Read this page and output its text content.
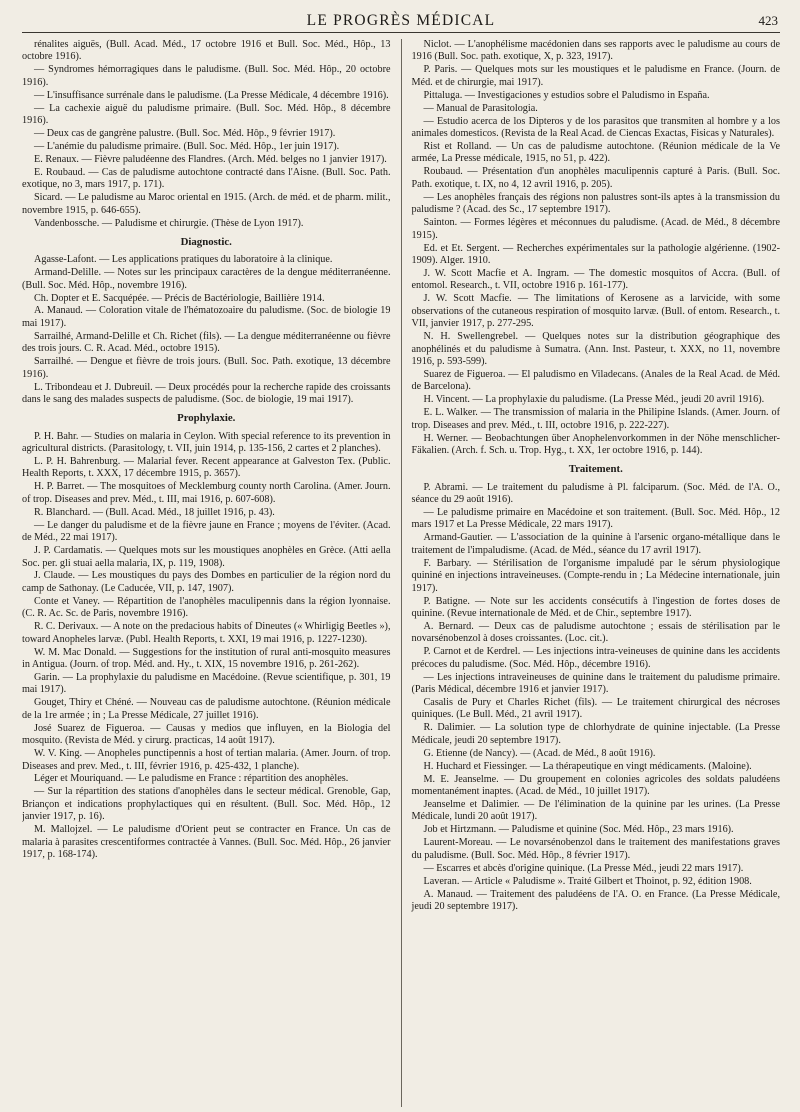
LE PROGRÈS MÉDICAL	423

rénalites aiguës, (Bull. Acad. Méd., 17 octobre 1916 et Bull. Soc. Méd., Hôp., 13 octobre 1916).

— Syndromes hémorragiques dans le paludisme. (Bull. Soc. Méd. Hôp., 20 octobre 1916).

— L'insuffisance surrénale dans le paludisme. (La Presse Médicale, 4 décembre 1916).

— La cachexie aiguë du paludisme primaire. (Bull. Soc. Méd. Hôp., 8 décembre 1916).

— Deux cas de gangrène palustre. (Bull. Soc. Méd. Hôp., 9 février 1917).

— L'anémie du paludisme primaire. (Bull. Soc. Méd. Hôp., 1er juin 1917).

E. Renaux. — Fièvre paludéenne des Flandres. (Arch. Méd. belges no 1 janvier 1917).

E. Roubaud. — Cas de paludisme autochtone contracté dans l'Aisne. (Bull. Soc. Path. exotique, no 3, mars 1917, p. 171).

Sicard. — Le paludisme au Maroc oriental en 1915. (Arch. de méd. et de pharm. milit., novembre 1915, p. 646-655).

Vandenbossche. — Paludisme et chirurgie. (Thèse de Lyon 1917).

Diagnostic.

Agasse-Lafont. — Les applications pratiques du laboratoire à la clinique.

Armand-Delille. — Notes sur les principaux caractères de la dengue méditerranéenne. (Bull. Soc. Méd. Hôp., novembre 1916).

Ch. Dopter et E. Sacquépée. — Précis de Bactériologie, Baillière 1914.

A. Manaud. — Coloration vitale de l'hématozoaire du paludisme. (Soc. de biologie 19 mai 1917).

Sarrailhé, Armand-Delille et Ch. Richet (fils). — La dengue méditerranéenne ou fièvre des trois jours. C. R. Acad. Méd., octobre 1915).

Sarrailhé. — Dengue et fièvre de trois jours. (Bull. Soc. Path. exotique, 13 décembre 1916).

L. Tribondeau et J. Dubreuil. — Deux procédés pour la recherche rapide des croissants dans le sang des malades suspects de paludisme. (Soc. de biologie, 19 mai 1917).

Prophylaxie.

P. H. Bahr. — Studies on malaria in Ceylon. With special reference to its prevention in agricultural districts. (Parasitology, t. VII, juin 1914, p. 135-156, 2 cartes et 2 planches).

L. P. H. Bahrenburg. — Malarial fever. Recent appearance at Galveston Tex. (Public. Health Reports, t. XXX, 17 décembre 1915, p. 3657).

H. P. Barret. — The mosquitoes of Mecklemburg county north Carolina. (Amer. Journ. of trop. Diseases and prev. Méd., t. III, mai 1916, p. 607-608).

R. Blanchard. — (Bull. Acad. Méd., 18 juillet 1916, p. 43).

— Le danger du paludisme et de la fièvre jaune en France ; moyens de l'éviter. (Acad. de Méd., 22 mai 1917).

J. P. Cardamatis. — Quelques mots sur les moustiques anophèles en Grèce. (Atti aella Soc. per. gli stuai aella malaria, IX, p. 119, 1908).

J. Claude. — Les moustiques du pays des Dombes en particulier de la région nord du camp de Sathonay. (Le Caducée, VII, p. 147, 1907).

Conte et Vaney. — Répartition de l'anophèles maculipennis dans la région lyonnaise. (C. R. Ac. Sc. de Paris, novembre 1916).

R. C. Derivaux. — A note on the predacious habits of Dineutes (« Whirligig Beetles »), toward Anopheles larvæ. (Publ. Health Reports, t. XXI, 19 mai 1916, p. 1227-1230).

W. M. Mac Donald. — Suggestions for the institution of rural anti-mosquito measures in Antigua. (Journ. of trop. Méd. and. Hy., t. XIX, 15 novembre 1916, p. 261-262).

Garin. — La prophylaxie du paludisme en Macédoine. (Revue scientifique, p. 301, 19 mai 1917).

Gouget, Thiry et Chéné. — Nouveau cas de paludisme autochtone. (Réunion médicale de la 1re armée ; in ; La Presse Médicale, 27 juillet 1916).

José Suarez de Figueroa. — Causas y medios que influyen, en la Biologia del mosquito. (Revista de Méd. y cirurg. practicas, 14 août 1917).

W. V. King. — Anopheles punctipennis a host of tertian malaria. (Amer. Journ. of trop. Diseases and prev. Med., t. III, février 1916, p. 425-432, 1 planche).

Léger et Mouriquand. — Le paludisme en France : répartition des anophèles.

— Sur la répartition des stations d'anophèles dans le secteur médical. Grenoble, Gap, Briançon et indications prophylactiques qui en résultent. (Bull. Soc. Méd. Hôp., 12 janvier 1917, p. 16).

M. Mallojzel. — Le paludisme d'Orient peut se contracter en France. Un cas de malaria à parasites crescentiformes contractée à Vannes. (Bull. Soc. Méd. Hôp., 26 janvier 1917, p. 168-174).

Niclot. — L'anophélisme macédonien dans ses rapports avec le paludisme au cours de 1916 (Bull. Soc. path. exotique, X, p. 323, 1917).

P. Paris. — Quelques mots sur les moustiques et le paludisme en France. (Journ. de Méd. et de chirurgie, mai 1917).

Pittaluga. — Investigaciones y estudios sobre el Paludismo in España.

— Manual de Parasitologia.

— Estudio acerca de los Dipteros y de los parasitos que transmiten al hombre y a los animales domesticos. (Revista de la Real Acad. de Ciencas Exactas, Fisicas y Naturales).

Rist et Rolland. — Un cas de paludisme autochtone. (Réunion médicale de la Ve armée, La Presse médicale, 1915, no 51, p. 422).

Roubaud. — Présentation d'un anophèles maculipennis capturé à Paris. (Bull. Soc. Path. exotique, t. IX, no 4, 12 avril 1916, p. 205).

— Les anophèles français des régions non palustres sont-ils aptes à la transmission du paludisme ? (Acad. des Sc., 17 septembre 1917).

Sainton. — Formes légères et méconnues du paludisme. (Acad. de Méd., 8 décembre 1915).

Ed. et Et. Sergent. — Recherches expérimentales sur la pathologie algérienne. (1902-1909). Alger. 1910.

J. W. Scott Macfie et A. Ingram. — The domestic mosquitos of Accra. (Bull. of entomol. Research., t. VII, octobre 1916 p. 161-177).

J. W. Scott Macfie. — The limitations of Kerosene as a larvicide, with some observations of the cutaneous respiration of mosquito larvæ. (Bull. of entom. Research., t. VII, janvier 1917, p. 277-295.

N. H. Swellengrebel. — Quelques notes sur la distribution géographique des anophélinés et du paludisme à Sumatra. (Ann. Inst. Pasteur, t. XXX, no 11, novembre 1916, p. 593-599).

Suarez de Figueroa. — El paludismo en Viladecans. (Anales de la Real Acad. de Méd. de Barcelona).

H. Vincent. — La prophylaxie du paludisme. (La Presse Méd., jeudi 20 avril 1916).

E. L. Walker. — The transmission of malaria in the Philipine Islands. (Amer. Journ. of trop. Diseases and prev. Méd., t. III, octobre 1916, p. 222-227).

H. Werner. — Beobachtungen über Anophelenvorkommen in der Nöhe menschlicher-Fäkalien. (Arch. f. Sch. u. Trop. Hyg., t. XX, 1er octobre 1916, p. 144).

Traitement.

P. Abrami. — Le traitement du paludisme à Pl. falciparum. (Soc. Méd. de l'A. O., séance du 29 août 1916).

— Le paludisme primaire en Macédoine et son traitement. (Bull. Soc. Méd. Hôp., 12 mars 1917 et La Presse Médicale, 22 mars 1917).

Armand-Gautier. — L'association de la quinine à l'arsenic organo-métallique dans le traitement de l'impaludisme. (Acad. de Méd., séance du 17 avril 1917).

F. Barbary. — Stérilisation de l'organisme impaludé par le sérum physiologique quininé en injections intraveineuses. (Compte-rendu in ; La Médecine internationale, juin 1917).

P. Batigne. — Note sur les accidents consécutifs à l'ingestion de fortes doses de quinine. (Revue internationale de Méd. et de Chir., septembre 1917).

A. Bernard. — Deux cas de paludisme autochtone ; essais de stérilisation par le novarsénobenzol à doses croissantes. (Loc. cit.).

P. Carnot et de Kerdrel. — Les injections intra-veineuses de quinine dans les accidents précoces du paludisme. (Soc. Méd. Hôp., décembre 1916).

— Les injections intraveineuses de quinine dans le traitement du paludisme primaire. (Paris Médical, décembre 1916 et janvier 1917).

Casalis de Pury et Charles Richet (fils). — Le traitement chirurgical des nécroses quiniques. (Le Bull. Méd., 21 avril 1917).

R. Dalimier. — La solution type de chlorhydrate de quinine injectable. (La Presse Médicale, jeudi 20 septembre 1917).

G. Etienne (de Nancy). — (Acad. de Méd., 8 août 1916).

H. Huchard et Fiessinger. — La thérapeutique en vingt médicaments. (Maloine).

M. E. Jeanselme. — Du groupement en colonies agricoles des soldats paludéens momentanément inaptes. (Acad. de Méd., 10 juillet 1917).

Jeanselme et Dalimier. — De l'élimination de la quinine par les urines. (La Presse Médicale, lundi 20 août 1917).

Job et Hirtzmann. — Paludisme et quinine (Soc. Méd. Hôp., 23 mars 1916).

Laurent-Moreau. — Le novarsénobenzol dans le traitement des manifestations graves du paludisme. (Bull. Soc. Méd. Hôp., 8 février 1917).

— Escarres et abcès d'origine quinique. (La Presse Méd., jeudi 22 mars 1917).

Laveran. — Article « Paludisme ». Traité Gilbert et Thoinot, p. 92, édition 1908.

A. Manaud. — Traitement des paludéens de l'A. O. en France. (La Presse Médicale, jeudi 20 septembre 1917).
